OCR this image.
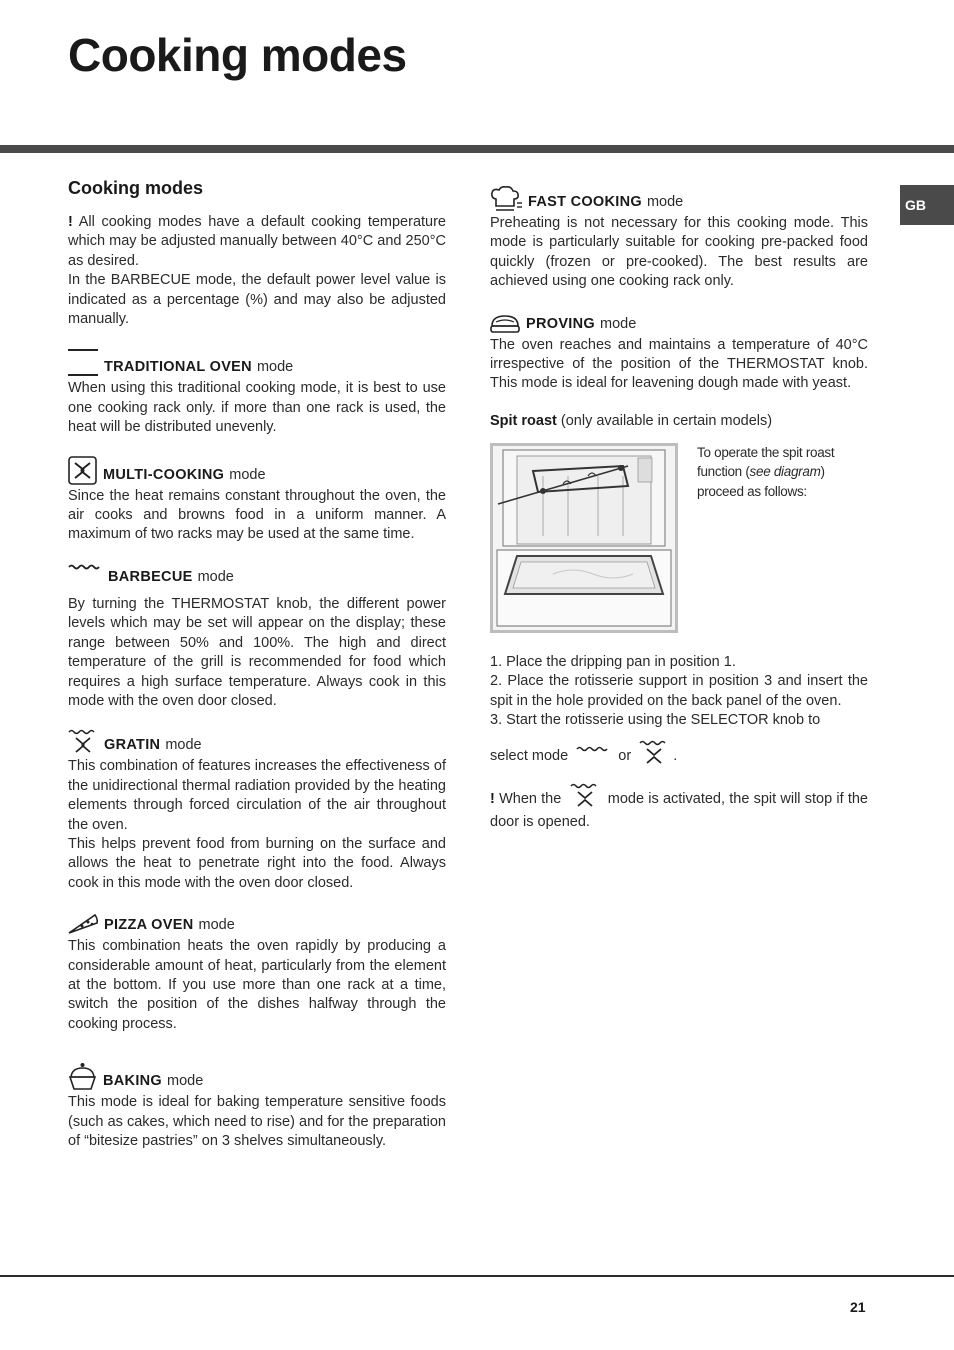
Cooking modes
GB
Cooking modes

! All cooking modes have a default cooking temperature which may be adjusted manually between 40°C and 250°C as desired.

In the BARBECUE mode, the default power level value is indicated as a percentage (%) and may also be adjusted manually.

TRADITIONAL OVEN mode

When using this traditional cooking mode, it is best to use one cooking rack only. if more than one rack is used, the heat will be distributed unevenly.

MULTI-COOKING mode

Since the heat remains constant throughout the oven, the air cooks and browns food in a uniform manner. A maximum of two racks may be used at the same time.

BARBECUE mode

By turning the THERMOSTAT knob, the different power levels which may be set will appear on the display; these range between 50% and 100%. The high and direct temperature of the grill is recommended for food which requires a high surface temperature. Always cook in this mode with the oven door closed.

GRATIN mode

This combination of features increases the effectiveness of the unidirectional thermal radiation provided by the heating elements through forced circulation of the air throughout the oven.

This helps prevent food from burning on the surface and allows the heat to penetrate right into the food. Always cook in this mode with the oven door closed.

PIZZA OVEN mode

This combination heats the oven rapidly by producing a considerable amount of heat, particularly from the element at the bottom. If you use more than one rack at a time, switch the position of the dishes halfway through the cooking process.

BAKING mode

This mode is ideal for baking temperature sensitive foods (such as cakes, which need to rise) and for the preparation of “bitesize pastries” on 3 shelves simultaneously.

FAST COOKING mode

Preheating is not necessary for this cooking mode. This mode is particularly suitable for cooking pre-packed food quickly (frozen or pre-cooked). The best results are achieved using one cooking rack only.

PROVING mode

The oven reaches and maintains a temperature of 40°C irrespective of the position of the THERMOSTAT knob. This mode is ideal for leavening dough made with yeast.

Spit roast (only available in certain models)

To operate the spit roast function (see diagram) proceed as follows:

1. Place the dripping pan in position 1.

2. Place the rotisserie support in position 3 and insert the spit in the hole provided on the back panel of the oven.

3. Start the rotisserie using the SELECTOR knob to

select mode	or	.

! When the	mode is activated, the spit will stop if the door is opened.

21
